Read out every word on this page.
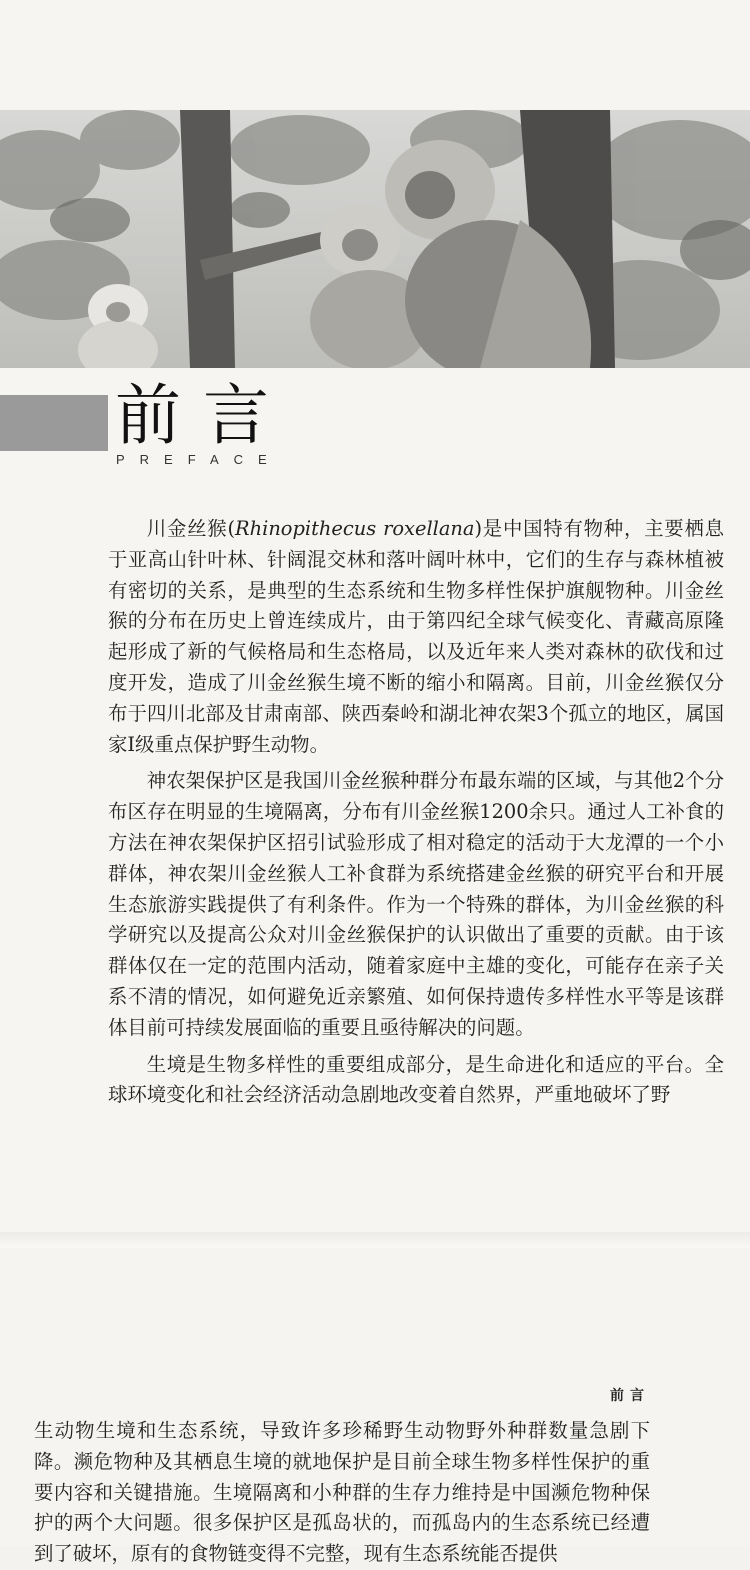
前言
PREFACE

川金丝猴(Rhinopithecus roxellana)是中国特有物种，主要栖息于亚高山针叶林、针阔混交林和落叶阔叶林中，它们的生存与森林植被有密切的关系，是典型的生态系统和生物多样性保护旗舰物种。川金丝猴的分布在历史上曾连续成片，由于第四纪全球气候变化、青藏高原隆起形成了新的气候格局和生态格局，以及近年来人类对森林的砍伐和过度开发，造成了川金丝猴生境不断的缩小和隔离。目前，川金丝猴仅分布于四川北部及甘肃南部、陕西秦岭和湖北神农架3个孤立的地区，属国家I级重点保护野生动物。

神农架保护区是我国川金丝猴种群分布最东端的区域，与其他2个分布区存在明显的生境隔离，分布有川金丝猴1200余只。通过人工补食的方法在神农架保护区招引试验形成了相对稳定的活动于大龙潭的一个小群体，神农架川金丝猴人工补食群为系统搭建金丝猴的研究平台和开展生态旅游实践提供了有利条件。作为一个特殊的群体，为川金丝猴的科学研究以及提高公众对川金丝猴保护的认识做出了重要的贡献。由于该群体仅在一定的范围内活动，随着家庭中主雄的变化，可能存在亲子关系不清的情况，如何避免近亲繁殖、如何保持遗传多样性水平等是该群体目前可持续发展面临的重要且亟待解决的问题。

生境是生物多样性的重要组成部分，是生命进化和适应的平台。全球环境变化和社会经济活动急剧地改变着自然界，严重地破坏了野

前言

生动物生境和生态系统，导致许多珍稀野生动物野外种群数量急剧下降。濒危物种及其栖息生境的就地保护是目前全球生物多样性保护的重要内容和关键措施。生境隔离和小种群的生存力维持是中国濒危物种保护的两个大问题。很多保护区是孤岛状的，而孤岛内的生态系统已经遭到了破坏，原有的食物链变得不完整，现有生态系统能否提供
